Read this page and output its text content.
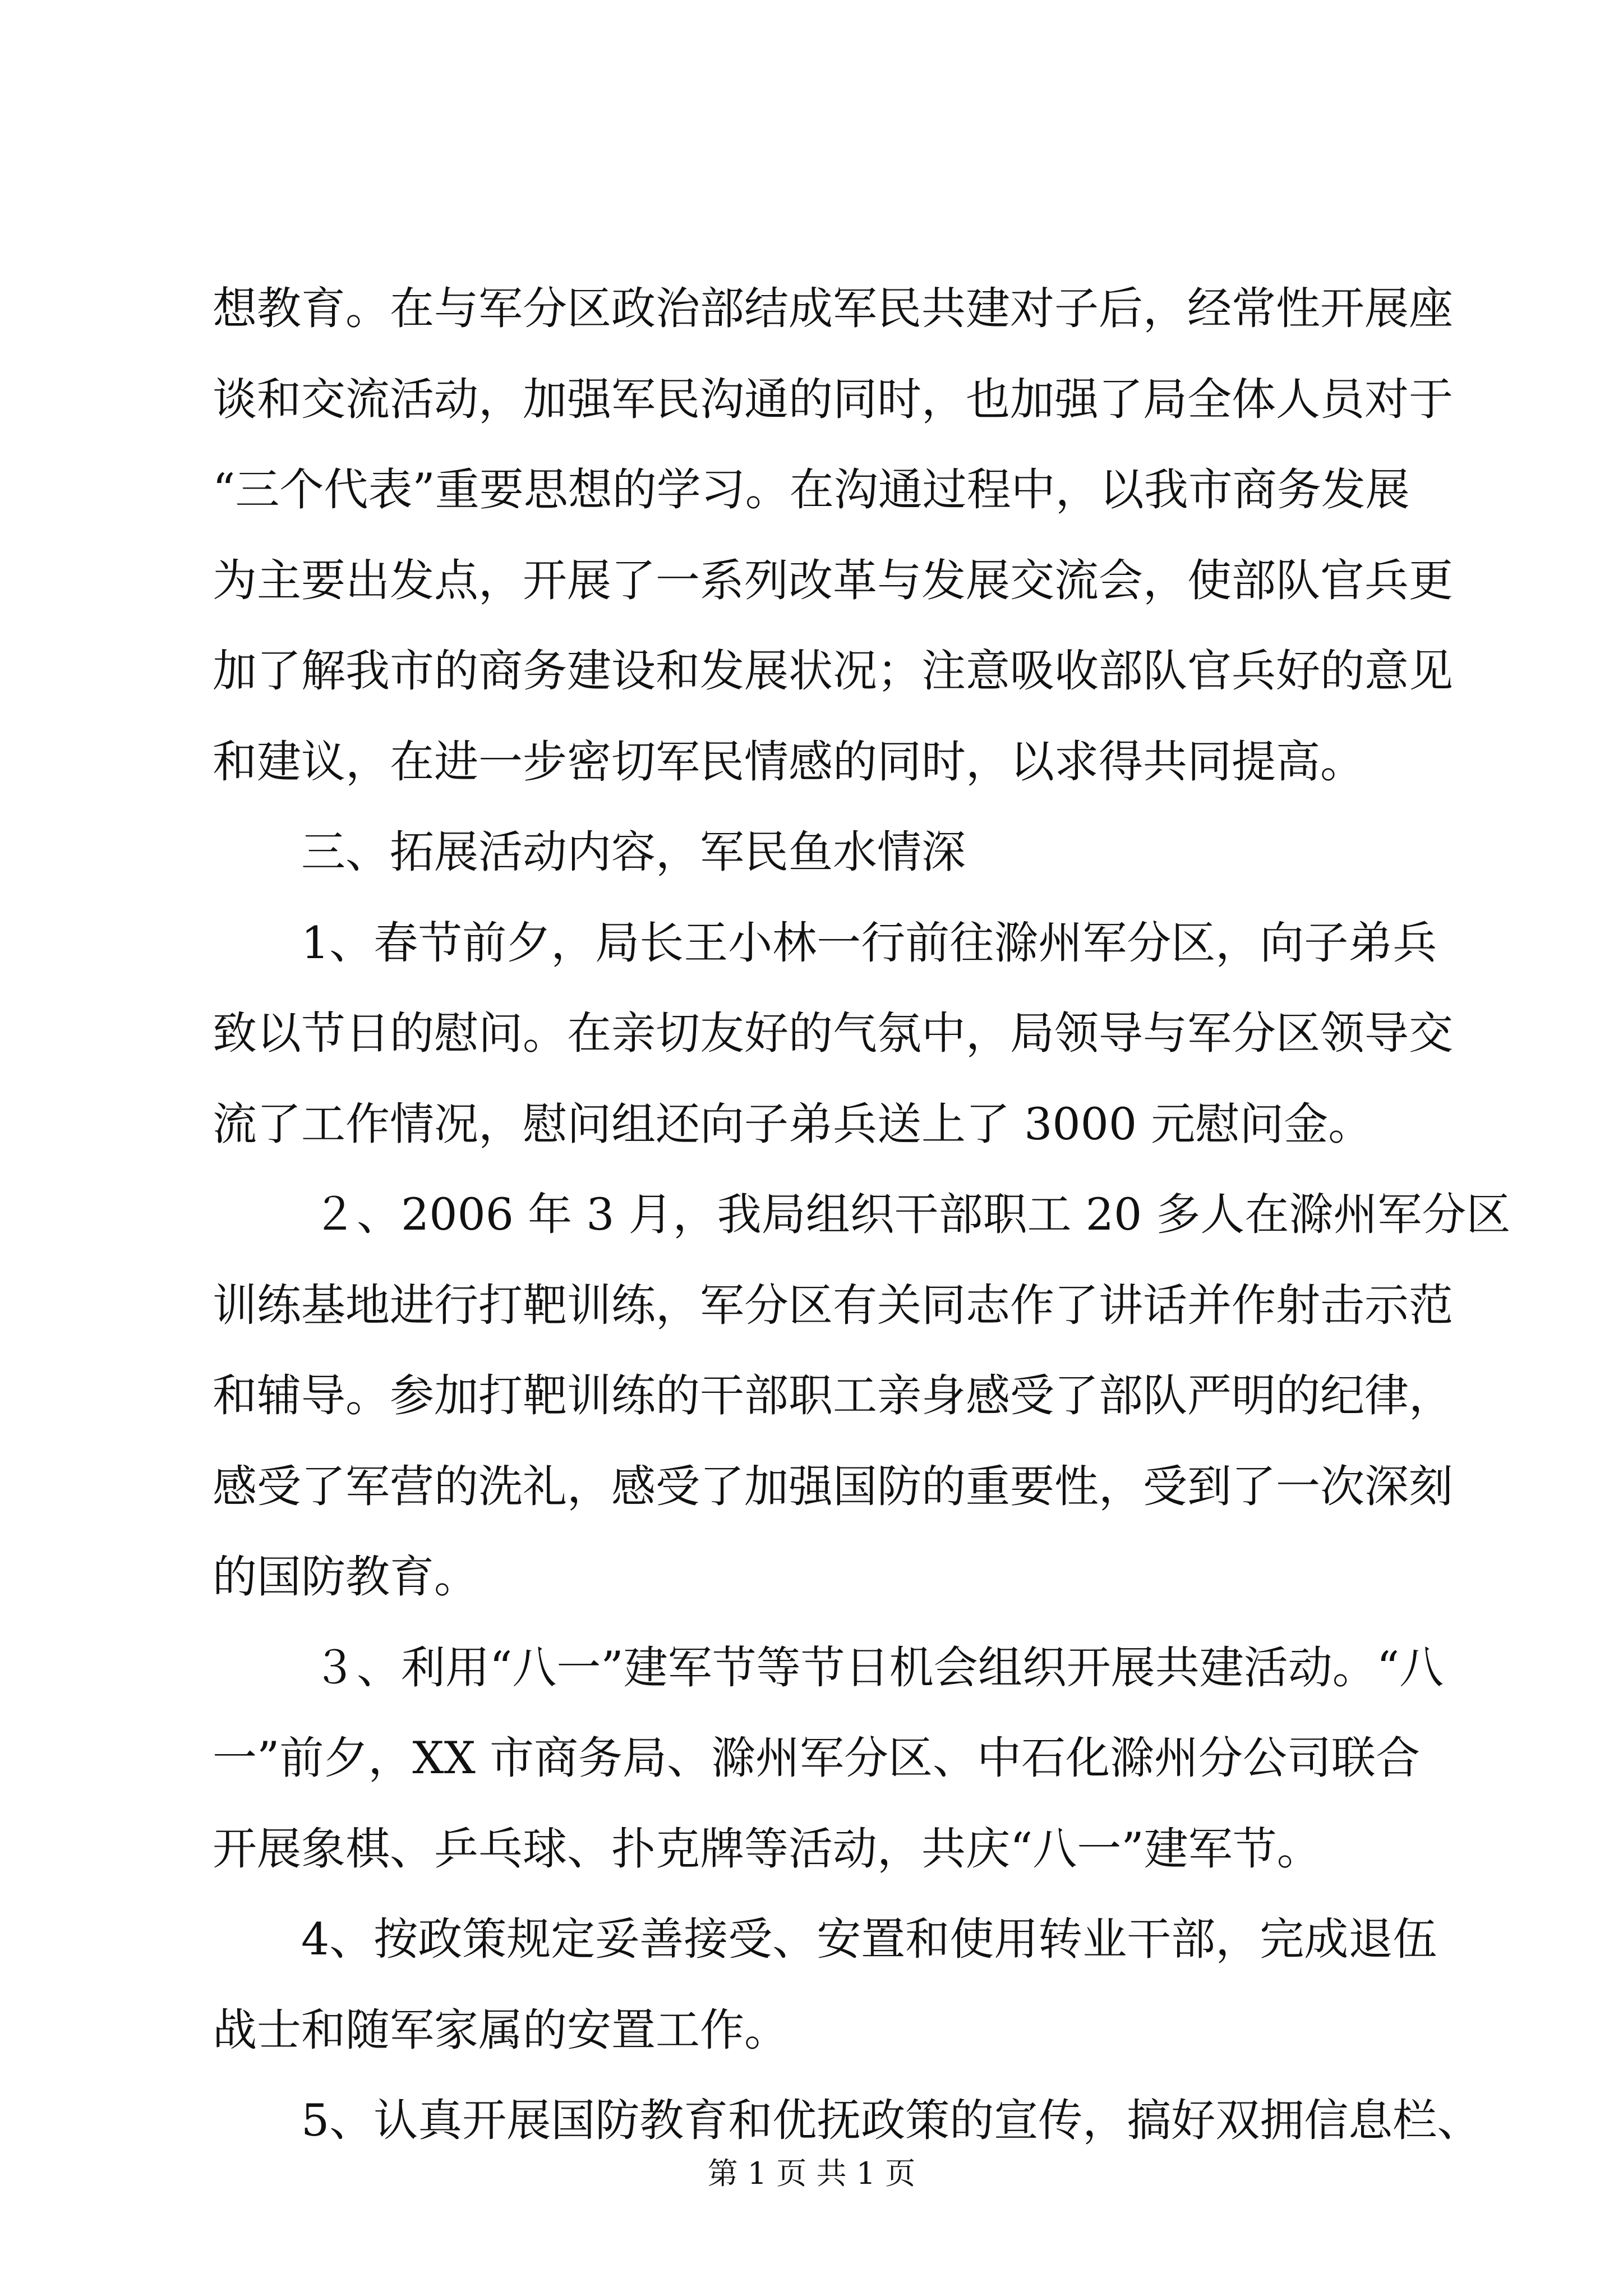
想教育。在与军分区政治部结成军民共建对子后，经常性开展座
谈和交流活动，加强军民沟通的同时，也加强了局全体人员对于
“三个代表”重要思想的学习。在沟通过程中，以我市商务发展
为主要出发点，开展了一系列改革与发展交流会，使部队官兵更
加了解我市的商务建设和发展状况；注意吸收部队官兵好的意见
和建议，在进一步密切军民情感的同时，以求得共同提高。
三、拓展活动内容，军民鱼水情深
1、春节前夕，局长王小林一行前往滁州军分区，向子弟兵
致以节日的慰问。在亲切友好的气氛中，局领导与军分区领导交
流了工作情况，慰问组还向子弟兵送上了 3000 元慰问金。
２、2006 年 3 月，我局组织干部职工 20 多人在滁州军分区
训练基地进行打靶训练，军分区有关同志作了讲话并作射击示范
和辅导。参加打靶训练的干部职工亲身感受了部队严明的纪律，
感受了军营的洗礼，感受了加强国防的重要性，受到了一次深刻
的国防教育。
３、利用“八一”建军节等节日机会组织开展共建活动。“八
一”前夕，XX 市商务局、滁州军分区、中石化滁州分公司联合
开展象棋、乒乓球、扑克牌等活动，共庆“八一”建军节。
4、按政策规定妥善接受、安置和使用转业干部，完成退伍
战士和随军家属的安置工作。
5、认真开展国防教育和优抚政策的宣传，搞好双拥信息栏、
第 1 页 共 1 页
